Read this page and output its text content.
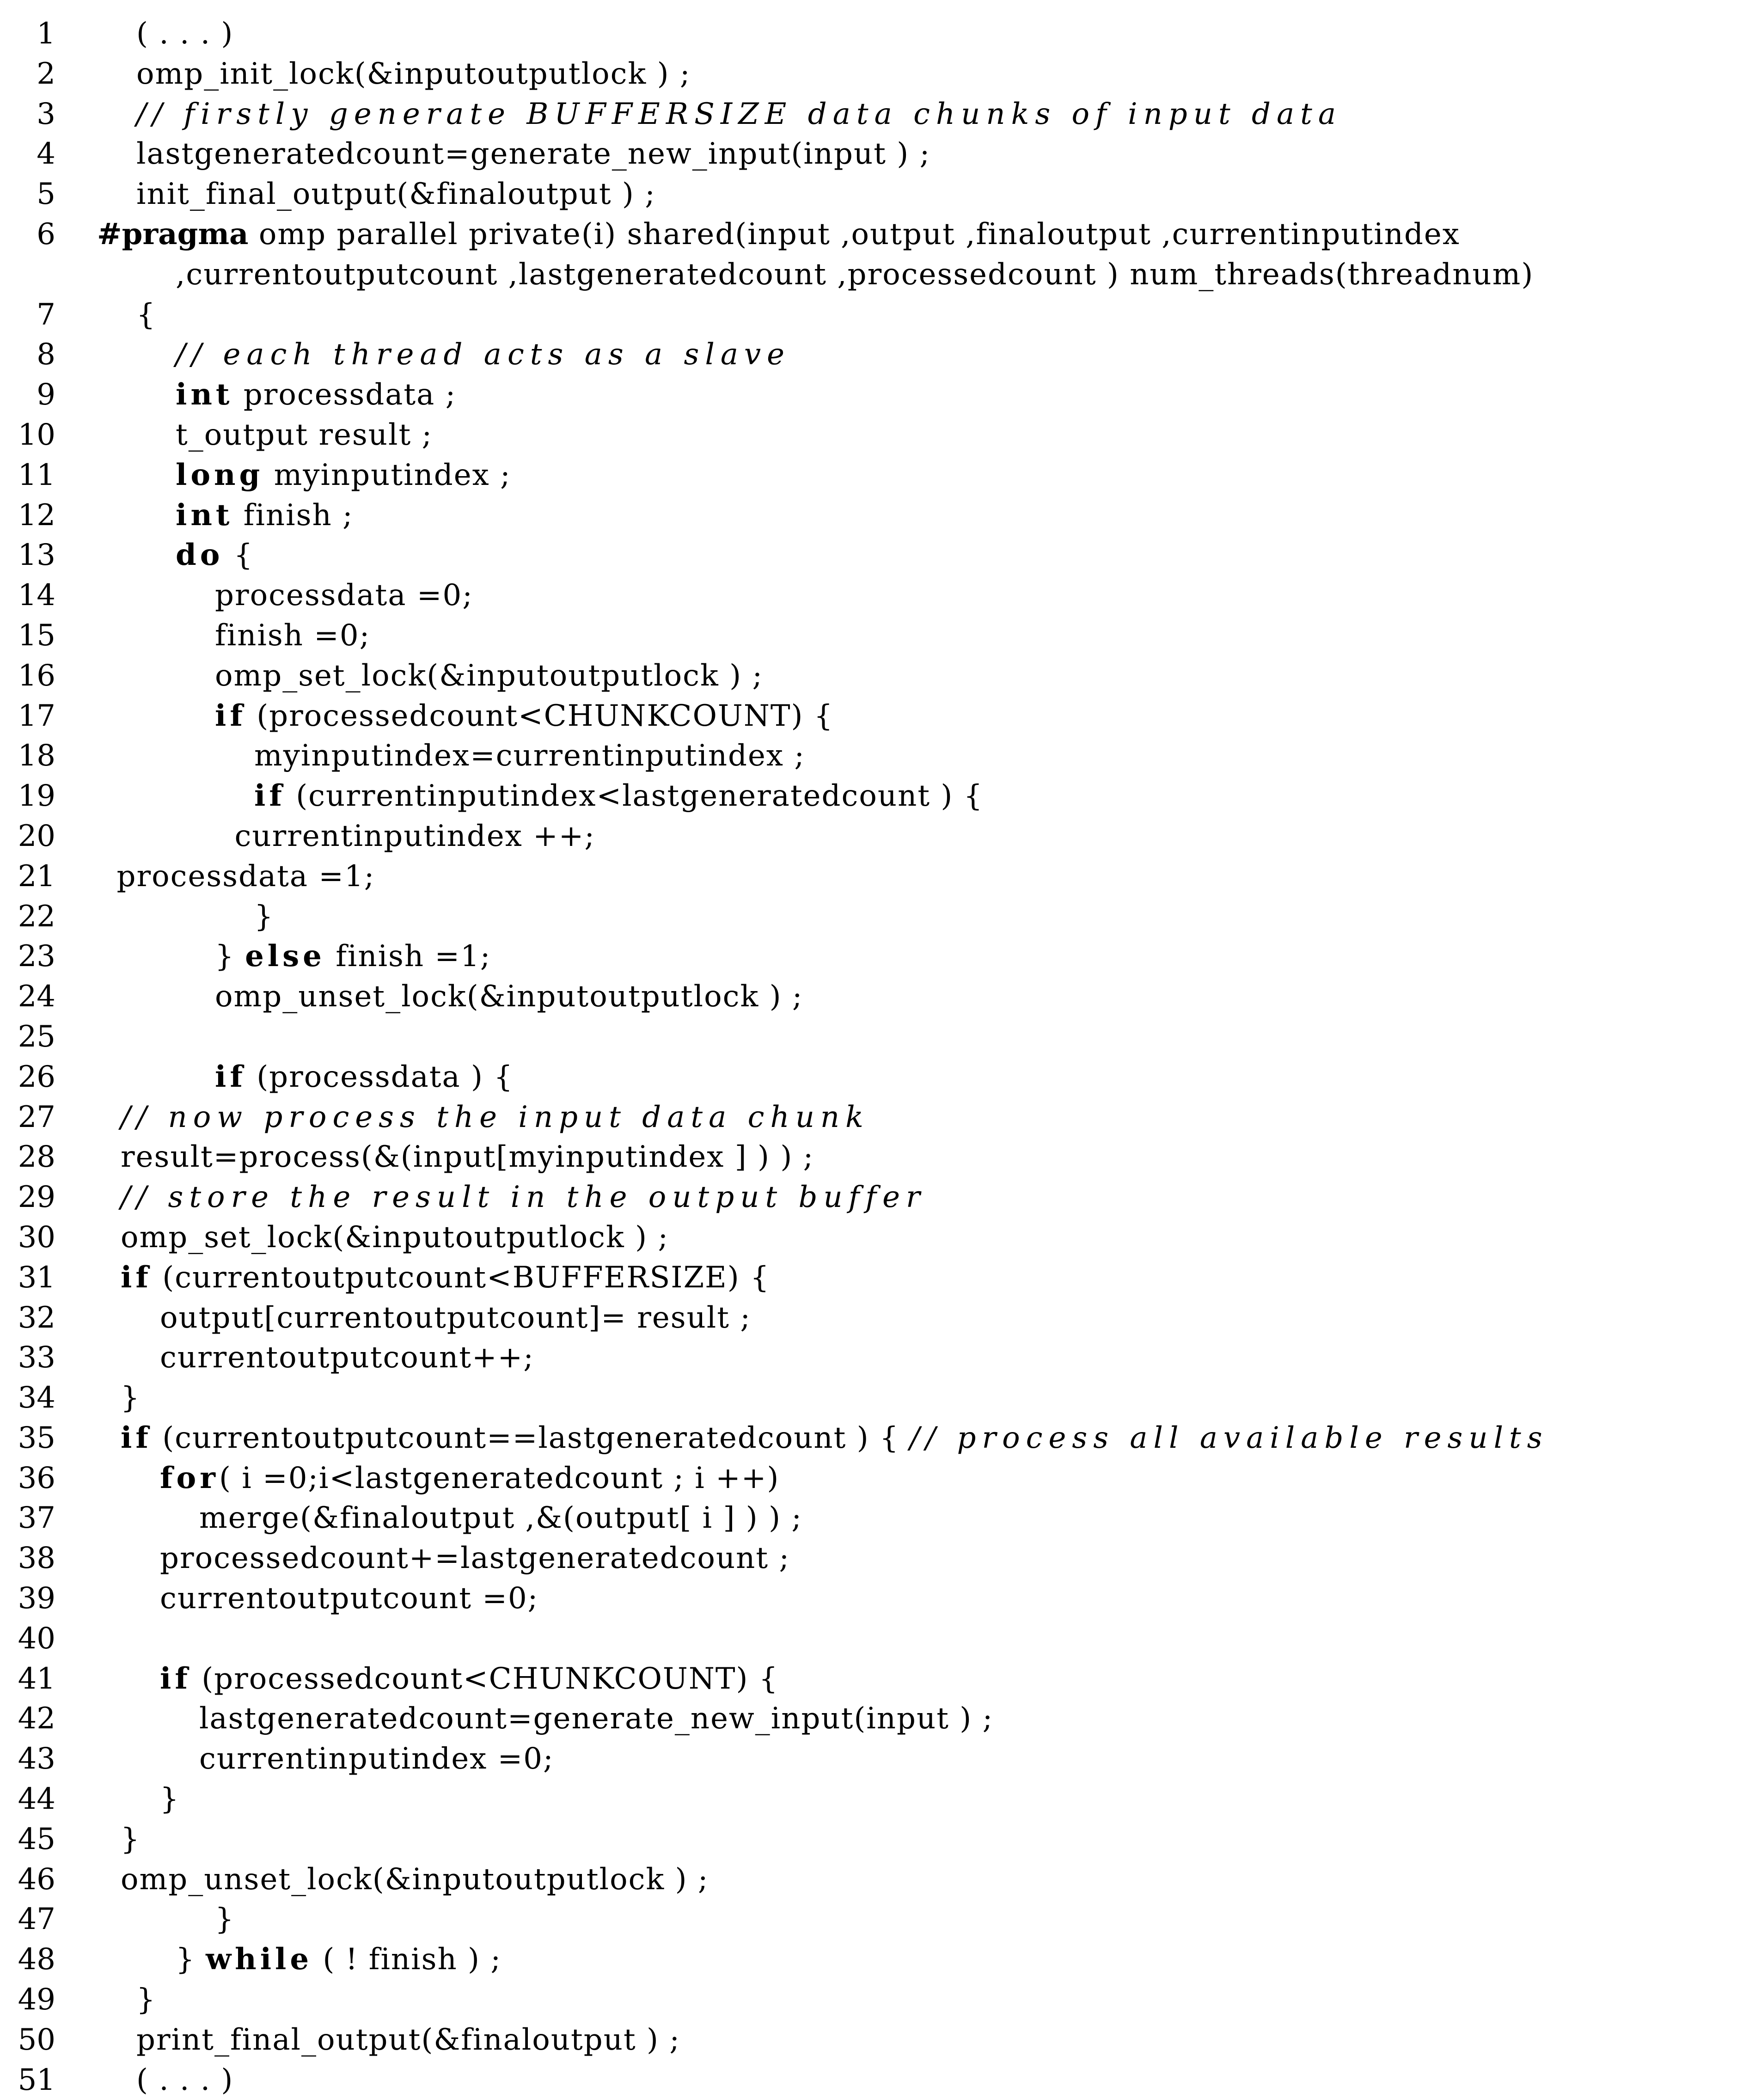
1	( . . . )
2	omp_init_lock(&inputoutputlock ) ;
3	// firstly generate BUFFERSIZE data chunks of input data
4	lastgeneratedcount=generate_new_input(input ) ;
5	init_final_output(&finaloutput ) ;
6 #pragma omp parallel private(i) shared(input ,output ,finaloutput ,currentinputindex
,currentoutputcount ,lastgeneratedcount ,processedcount ) num_threads(threadnum)
7	{
8	// each thread acts as a slave
9	int processdata ;
10	t_output result ;
11	long myinputindex ;
12	int finish ;
13	do {
14	processdata =0;
15	finish =0;
16	omp_set_lock(&inputoutputlock ) ;
17	if (processedcount<CHUNKCOUNT) {
18	myinputindex=currentinputindex ;
19	if (currentinputindex<lastgeneratedcount ) {
20	currentinputindex ++;
21 processdata =1;
22	}
23	} else finish =1;
24	omp_unset_lock(&inputoutputlock ) ;
25
26	if (processdata ) {
27 // now process the input data chunk
28 result=process(&(input[myinputindex ] ) ) ;
29 // store the result in the output buffer
30 omp_set_lock(&inputoutputlock ) ;
31 if (currentoutputcount<BUFFERSIZE) {
32	output[currentoutputcount]= result ;
33	currentoutputcount++;
34 }
35 if (currentoutputcount==lastgeneratedcount ) { // process all available results
36	for( i =0;i<lastgeneratedcount ; i ++)
37	merge(&finaloutput ,&(output[ i ] ) ) ;
38	processedcount+=lastgeneratedcount ;
39	currentoutputcount =0;
40
41	if (processedcount<CHUNKCOUNT) {
42	lastgeneratedcount=generate_new_input(input ) ;
43	currentinputindex =0;
44	}
45 }
46 omp_unset_lock(&inputoutputlock ) ;
47	}
48	} while ( ! finish ) ;
49	}
50	print_final_output(&finaloutput ) ;
51	( . . . )
